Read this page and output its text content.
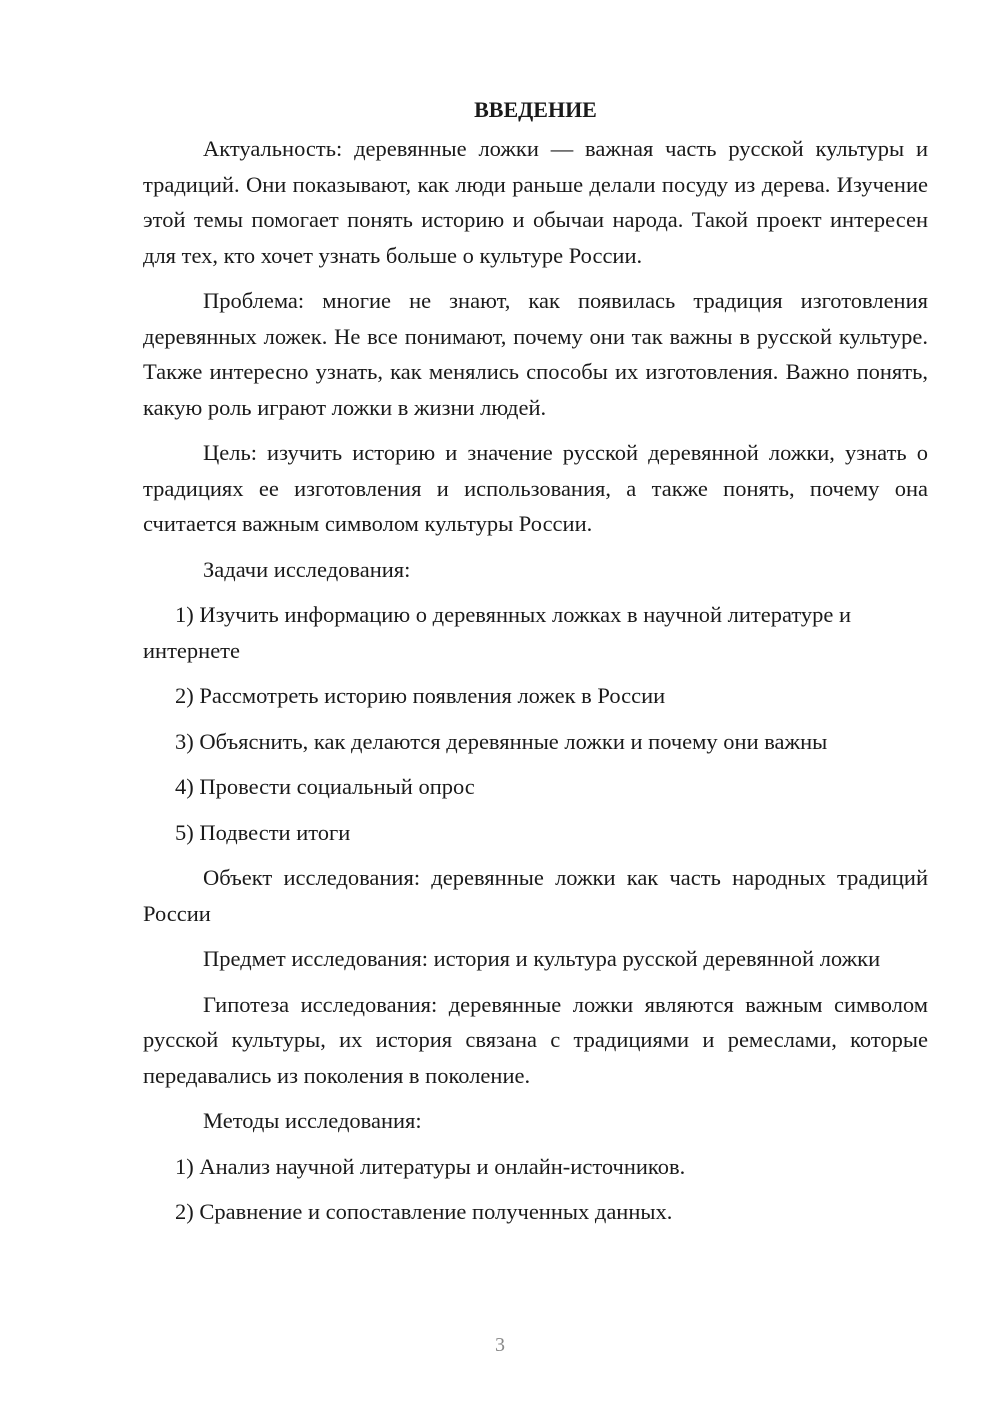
ВВЕДЕНИЕ

Актуальность: деревянные ложки — важная часть русской культуры и традиций. Они показывают, как люди раньше делали посуду из дерева. Изучение этой темы помогает понять историю и обычаи народа. Такой проект интересен для тех, кто хочет узнать больше о культуре России.

Проблема: многие не знают, как появилась традиция изготовления деревянных ложек. Не все понимают, почему они так важны в русской культуре. Также интересно узнать, как менялись способы их изготовления. Важно понять, какую роль играют ложки в жизни людей.

Цель: изучить историю и значение русской деревянной ложки, узнать о традициях ее изготовления и использования, а также понять, почему она считается важным символом культуры России.

Задачи исследования:

1) Изучить информацию о деревянных ложках в научной литературе и интернете

2) Рассмотреть историю появления ложек в России

3) Объяснить, как делаются деревянные ложки и почему они важны

4) Провести социальный опрос

5) Подвести итоги

Объект исследования: деревянные ложки как часть народных традиций России

Предмет исследования: история и культура русской деревянной ложки

Гипотеза исследования: деревянные ложки являются важным символом русской культуры, их история связана с традициями и ремеслами, которые передавались из поколения в поколение.

Методы исследования:

1) Анализ научной литературы и онлайн-источников.

2) Сравнение и сопоставление полученных данных.

3
